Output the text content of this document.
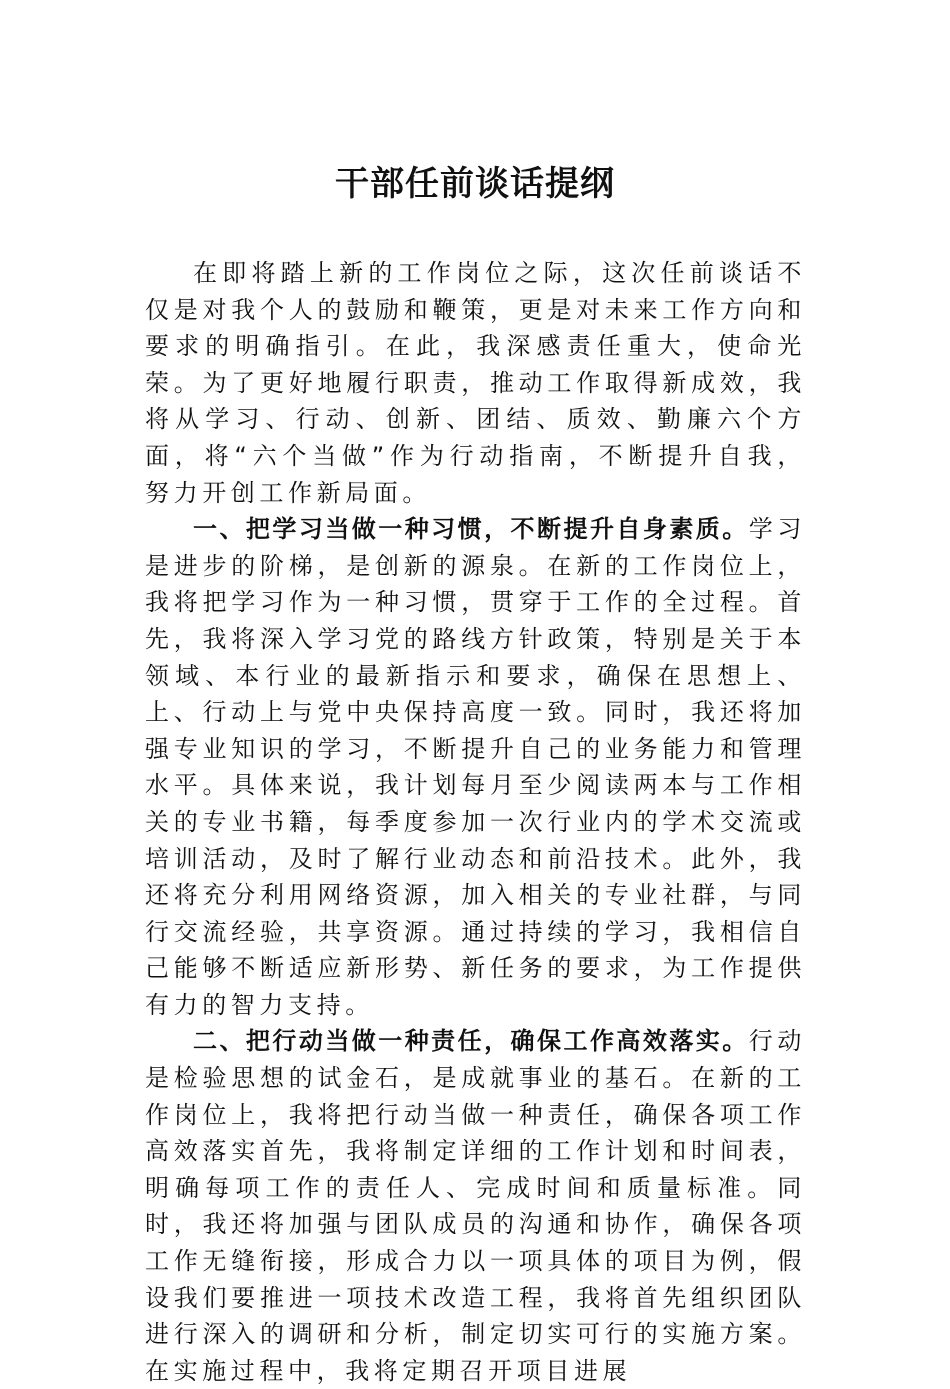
干部任前谈话提纲

在即将踏上新的工作岗位之际，这次任前谈话不仅是对我个人的鼓励和鞭策，更是对未来工作方向和要求的明确指引。在此，我深感责任重大，使命光荣。为了更好地履行职责，推动工作取得新成效，我将从学习、行动、创新、团结、质效、勤廉六个方面，将“六个当做”作为行动指南，不断提升自我，努力开创工作新局面。

一、把学习当做一种习惯，不断提升自身素质。学习是进步的阶梯，是创新的源泉。在新的工作岗位上，我将把学习作为一种习惯，贯穿于工作的全过程。首先，我将深入学习党的路线方针政策，特别是关于本领域、本行业的最新指示和要求，确保在思想上、上、行动上与党中央保持高度一致。同时，我还将加强专业知识的学习，不断提升自己的业务能力和管理水平。具体来说，我计划每月至少阅读两本与工作相关的专业书籍，每季度参加一次行业内的学术交流或培训活动，及时了解行业动态和前沿技术。此外，我还将充分利用网络资源，加入相关的专业社群，与同行交流经验，共享资源。通过持续的学习，我相信自己能够不断适应新形势、新任务的要求，为工作提供有力的智力支持。

二、把行动当做一种责任，确保工作高效落实。行动是检验思想的试金石，是成就事业的基石。在新的工作岗位上，我将把行动当做一种责任，确保各项工作高效落实首先，我将制定详细的工作计划和时间表，明确每项工作的责任人、完成时间和质量标准。同时，我还将加强与团队成员的沟通和协作，确保各项工作无缝衔接，形成合力以一项具体的项目为例，假设我们要推进一项技术改造工程，我将首先组织团队进行深入的调研和分析，制定切实可行的实施方案。在实施过程中，我将定期召开项目进展
